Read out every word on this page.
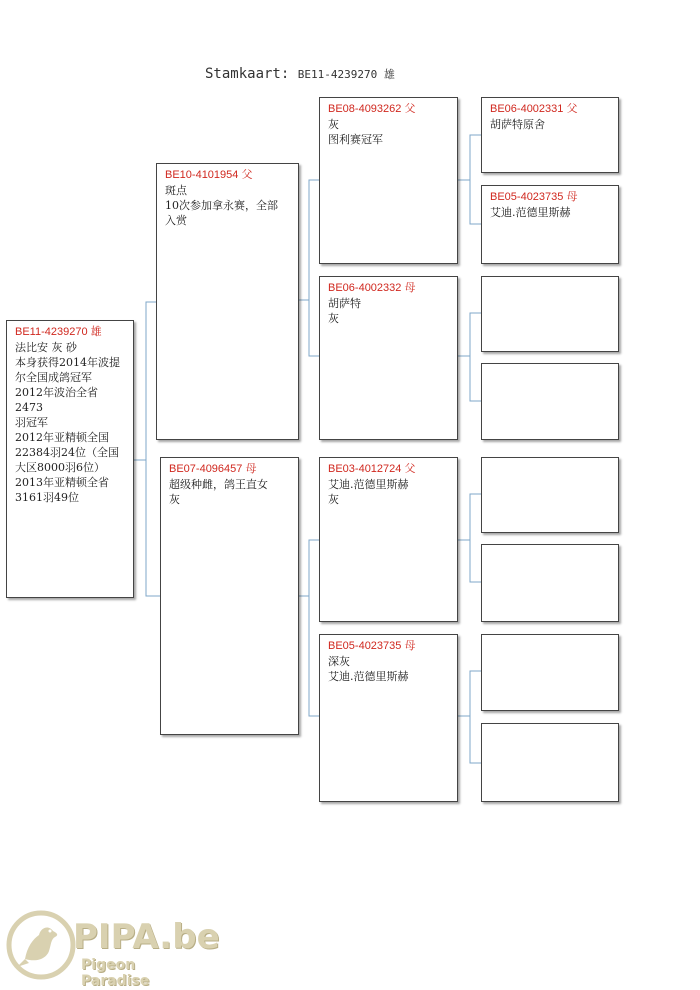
Stamkaart: BE11-4239270 雄
BE11-4239270 雄
法比安 灰 砂
本身获得2014年波提
尔全国成鸽冠军
2012年波治全省2473
羽冠军
2012年亚精顿全国
22384羽24位（全国
大区8000羽6位）
2013年亚精顿全省
3161羽49位
BE10-4101954 父
斑点
10次参加拿永赛，全部
入赏
BE07-4096457 母
超级种雌，鸽王直女
灰
BE08-4093262 父
灰
图利赛冠军
BE06-4002332 母
胡萨特
灰
BE03-4012724 父
艾迪.范德里斯赫
灰
BE05-4023735 母
深灰
艾迪.范德里斯赫
BE06-4002331 父
胡萨特原舍
BE05-4023735 母
艾迪.范德里斯赫
PIPA.be
Pigeon Paradise
